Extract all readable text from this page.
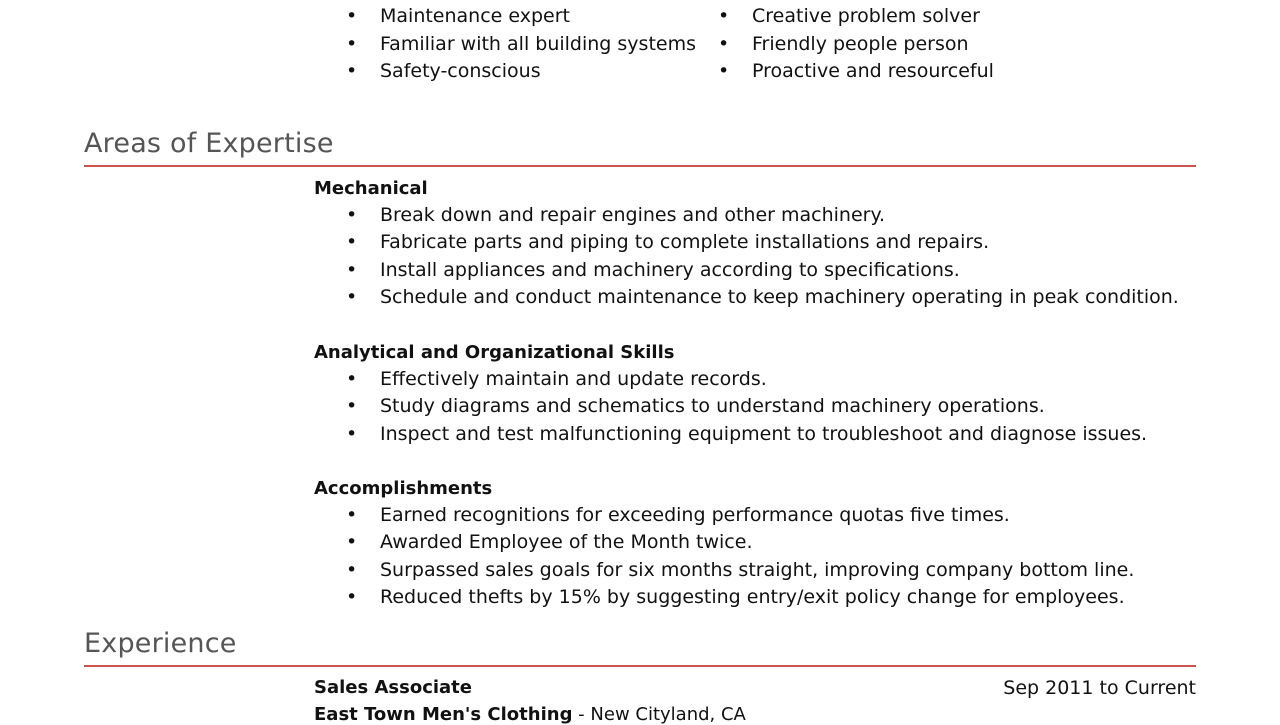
•
• Maintenance expert
• Familiar with all building systems
• Safety-conscious
•
• Creative problem solver
• Friendly people person
• Proactive and resourceful
Areas of Expertise
Mechanical
• Break down and repair engines and other machinery.
• Fabricate parts and piping to complete installations and repairs.
• Install appliances and machinery according to specifications.
• Schedule and conduct maintenance to keep machinery operating in peak condition.
Analytical and Organizational Skills
• Effectively maintain and update records.
• Study diagrams and schematics to understand machinery operations.
• Inspect and test malfunctioning equipment to troubleshoot and diagnose issues.
Accomplishments
• Earned recognitions for exceeding performance quotas five times.
• Awarded Employee of the Month twice.
• Surpassed sales goals for six months straight, improving company bottom line.
• Reduced thefts by 15% by suggesting entry/exit policy change for employees.
Experience
Sales Associate	Sep 2011 to Current
East Town Men's Clothing - New Cityland, CA
